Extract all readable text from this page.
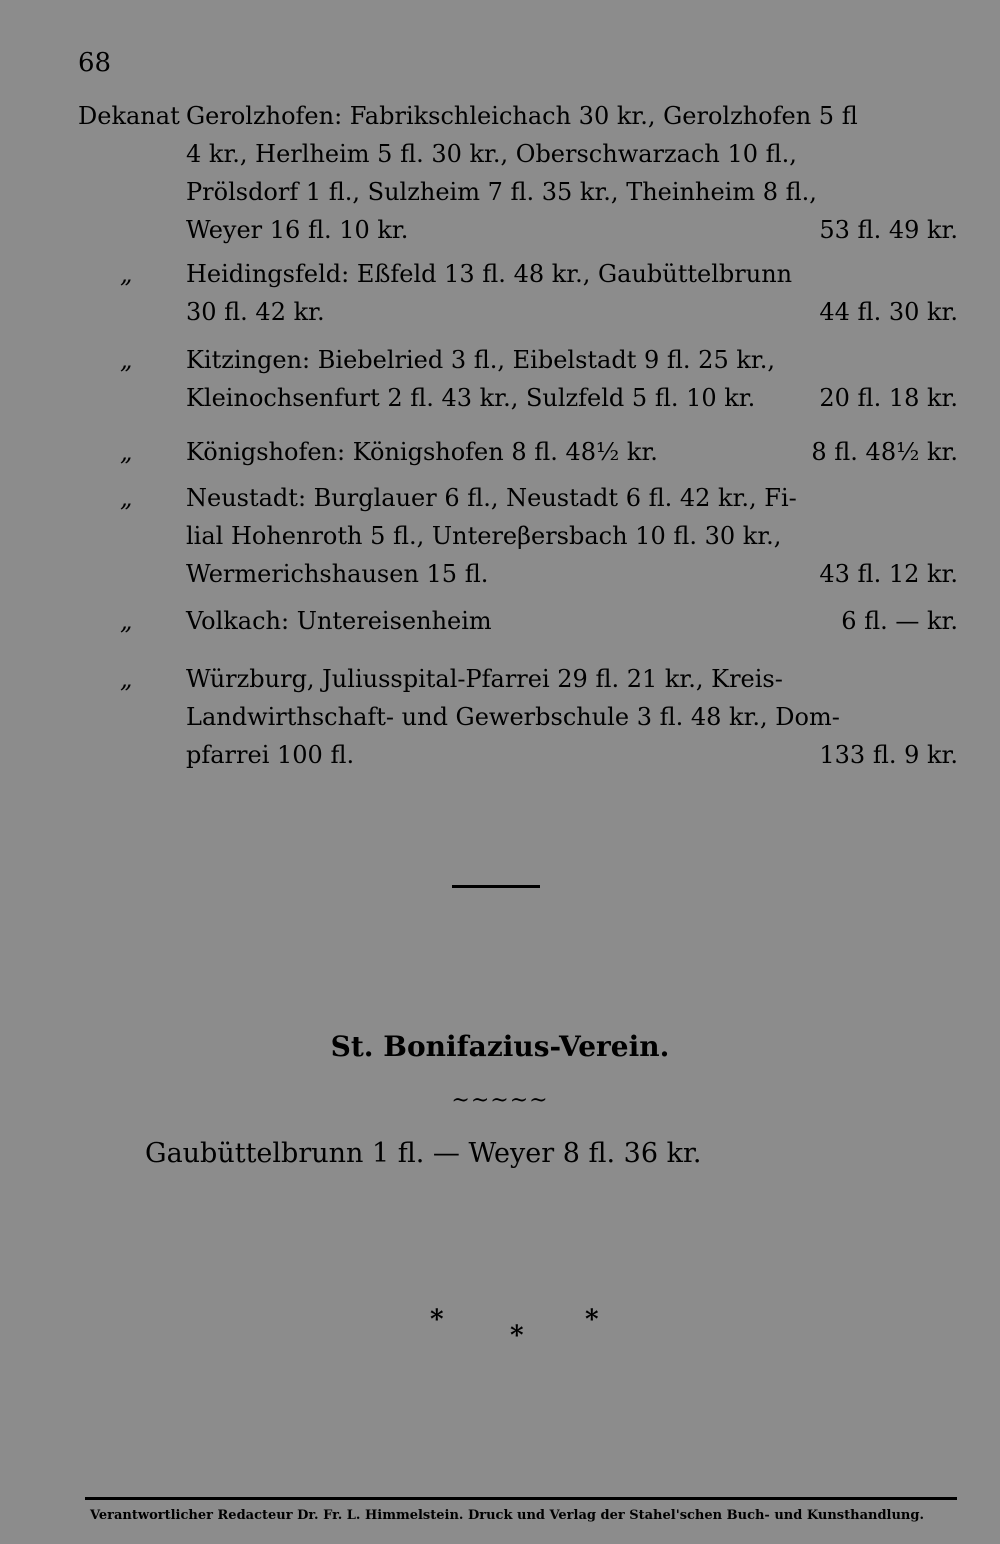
68
Dekanat Gerolzhofen: Fabrikschleichach 30 kr., Gerolzhofen 5 fl
4 kr., Herlheim 5 fl. 30 kr., Oberschwarzach 10 fl.,
Prölsdorf 1 fl., Sulzheim 7 fl. 35 kr., Theinheim 8 fl.,
Weyer 16 fl. 10 kr.	53 fl. 49 kr.
„ Heidingsfeld: Eßfeld 13 fl. 48 kr., Gaubüttelbrunn
30 fl. 42 kr.	44 fl. 30 kr.
„ Kitzingen: Biebelried 3 fl., Eibelstadt 9 fl. 25 kr.,
Kleinochsenfurt 2 fl. 43 kr., Sulzfeld 5 fl. 10 kr.	20 fl. 18 kr.
„ Königshofen: Königshofen 8 fl. 48½ kr.	8 fl. 48½ kr.
„ Neustadt: Burglauer 6 fl., Neustadt 6 fl. 42 kr., Fi-
lial Hohenroth 5 fl., Untereβersbach 10 fl. 30 kr.,
Wermerichshausen 15 fl.	43 fl. 12 kr.
„ Volkach: Untereisenheim	6 fl. — kr.
„ Würzburg, Juliusspital-Pfarrei 29 fl. 21 kr., Kreis-
Landwirthschaft- und Gewerbschule 3 fl. 48 kr., Dom-
pfarrei 100 fl.	133 fl. 9 kr.
St. Bonifazius-Verein.
~~~~~
Gaubüttelbrunn 1 fl. — Weyer 8 fl. 36 kr.
*
*
*
Verantwortlicher Redacteur Dr. Fr. L. Himmelstein. Druck und Verlag der Stahel'schen Buch- und Kunsthandlung.
